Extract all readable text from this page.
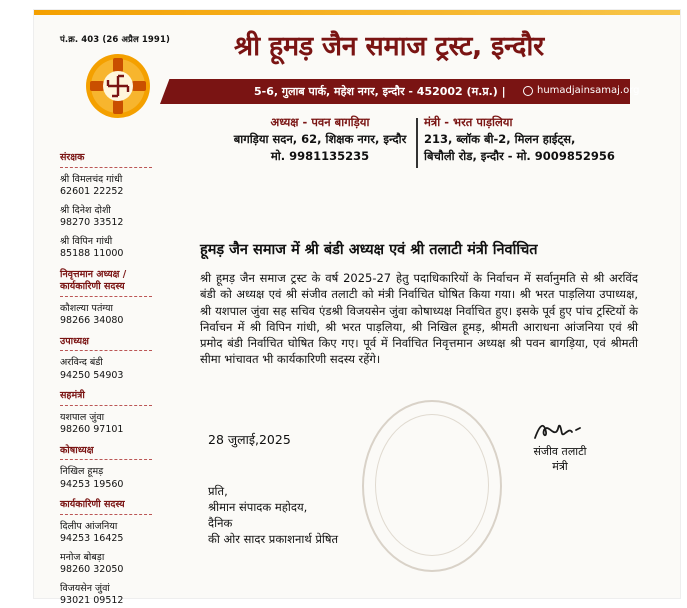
पं.क्र. 403 (26 अप्रैल 1991) श्री हूमड़ जैन समाज ट्रस्ट, इन्दौर
5-6, गुलाब पार्क, महेश नगर, इन्दौर - 452002 (म.प्र.) |	humadjainsamaj.org
अध्यक्ष - पवन बागड़िया
बागड़िया सदन, 62, शिक्षक नगर, इन्दौर
मो. 9981135235
मंत्री - भरत पाड़लिया
213, ब्लॉक बी-2, मिलन हाईट्स,
बिचौली रोड, इन्दौर - मो. 9009852956
संरक्षक
श्री विमलचंद गांधी
62601 22252
श्री दिनेश दोशी
98270 33512
श्री विपिन गांधी
85188 11000
निवृत्तमान अध्यक्ष / कार्यकारिणी सदस्य
कौशल्या पतंग्या
98266 34080
उपाध्यक्ष
अरविन्द बंडी
94250 54903
सहमंत्री
यशपाल जुंवा
98260 97101
कोषाध्यक्ष
निखिल हूमड़
94253 19560
कार्यकारिणी सदस्य
दिलीप आंजनिया
94253 16425
मनोज बोबड़ा
98260 32050
विजयसेन जुंवां
93021 09512
हूमड़ जैन समाज में श्री बंडी अध्यक्ष एवं श्री तलाटी मंत्री निर्वाचित
श्री हूमड़ जैन समाज ट्रस्ट के वर्ष 2025-27 हेतु पदाधिकारियों के निर्वाचन में सर्वानुमति से श्री अरविंद बंडी को अध्यक्ष एवं श्री संजीव तलाटी को मंत्री निर्वाचित घोषित किया गया। श्री भरत पाड़लिया उपाध्यक्ष, श्री यशपाल जुंवा सह सचिव एंडश्री विजयसेन जुंवा कोषाध्यक्ष निर्वाचित हुए। इसके पूर्व हुए पांच ट्रस्टियों के निर्वाचन में श्री विपिन गांधी, श्री भरत पाड़लिया, श्री निखिल हूमड़, श्रीमती आराधना आंजनिया एवं श्री प्रमोद बंडी निर्वाचित घोषित किए गए। पूर्व में निर्वाचित निवृत्तमान अध्यक्ष श्री पवन बागड़िया, एवं श्रीमती सीमा भांचावत भी कार्यकारिणी सदस्य रहेंगे।
28 जुलाई,2025
संजीव तलाटी
मंत्री
प्रति,
श्रीमान संपादक महोदय,
दैनिक
की ओर सादर प्रकाशनार्थ प्रेषित
